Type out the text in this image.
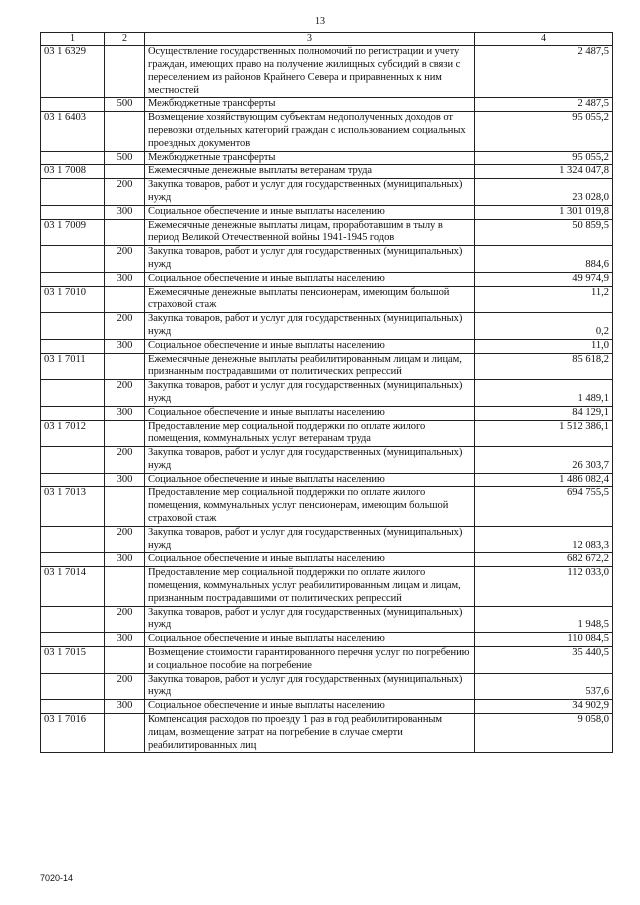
13
1	2	3	4
03 1 6329		Осуществление государственных полномочий по регистрации и учету граждан, имеющих право на получение жилищных субсидий в связи с переселением из районов Крайнего Севера и приравненных к ним местностей	2 487,5
	500	Межбюджетные трансферты	2 487,5
03 1 6403		Возмещение хозяйствующим субъектам недополученных доходов от перевозки отдельных категорий граждан с использованием социальных проездных документов	95 055,2
	500	Межбюджетные трансферты	95 055,2
03 1 7008		Ежемесячные денежные выплаты ветеранам труда	1 324 047,8
	200	Закупка товаров, работ и услуг для государственных (муниципальных) нужд	23 028,0
	300	Социальное обеспечение и иные выплаты населению	1 301 019,8
03 1 7009		Ежемесячные денежные выплаты лицам, проработавшим в тылу в период Великой Отечественной войны 1941-1945 годов	50 859,5
	200	Закупка товаров, работ и услуг для государственных (муниципальных) нужд	884,6
	300	Социальное обеспечение и иные выплаты населению	49 974,9
03 1 7010		Ежемесячные денежные выплаты пенсионерам, имеющим большой страховой стаж	11,2
	200	Закупка товаров, работ и услуг для государственных (муниципальных) нужд	0,2
	300	Социальное обеспечение и иные выплаты населению	11,0
03 1 7011		Ежемесячные денежные выплаты реабилитированным лицам и лицам, признанным пострадавшими от политических репрессий	85 618,2
	200	Закупка товаров, работ и услуг для государственных (муниципальных) нужд	1 489,1
	300	Социальное обеспечение и иные выплаты населению	84 129,1
03 1 7012		Предоставление мер социальной поддержки по оплате жилого помещения, коммунальных услуг ветеранам труда	1 512 386,1
	200	Закупка товаров, работ и услуг для государственных (муниципальных) нужд	26 303,7
	300	Социальное обеспечение и иные выплаты населению	1 486 082,4
03 1 7013		Предоставление мер социальной поддержки по оплате жилого помещения, коммунальных услуг пенсионерам, имеющим большой страховой стаж	694 755,5
	200	Закупка товаров, работ и услуг для государственных (муниципальных) нужд	12 083,3
	300	Социальное обеспечение и иные выплаты населению	682 672,2
03 1 7014		Предоставление мер социальной поддержки по оплате жилого помещения, коммунальных услуг реабилитированным лицам и лицам, признанным пострадавшими от политических репрессий	112 033,0
	200	Закупка товаров, работ и услуг для государственных (муниципальных) нужд	1 948,5
	300	Социальное обеспечение и иные выплаты населению	110 084,5
03 1 7015		Возмещение стоимости гарантированного перечня услуг по погребению и социальное пособие на погребение	35 440,5
	200	Закупка товаров, работ и услуг для государственных (муниципальных) нужд	537,6
	300	Социальное обеспечение и иные выплаты населению	34 902,9
03 1 7016		Компенсация расходов по проезду 1 раз в год реабилитированным лицам, возмещение затрат на погребение в случае смерти реабилитированных лиц	9 058,0
7020-14
